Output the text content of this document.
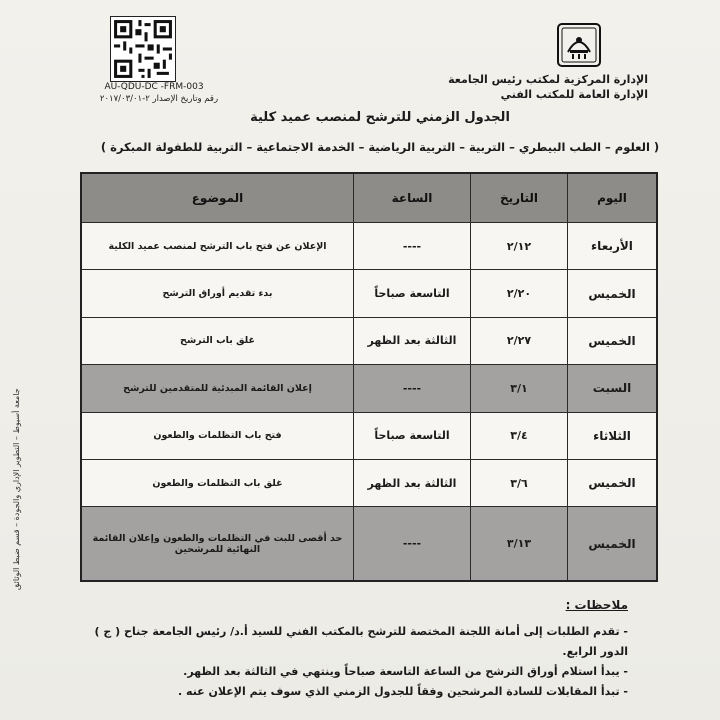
AU-QDU-DC -FRM-003
رقم وتاريخ الإصدار ٢-٢٠١٧/٠٣/٠١
الإدارة المركزية لمكتب رئيس الجامعة
الإدارة العامة للمكتب الفني
الجدول الزمني للترشح لمنصب عميد كلية
( العلوم – الطب البيطري – التربية – التربية الرياضية – الخدمة الاجتماعية – التربية للطفولة المبكرة )
اليوم	التاريخ	الساعة	الموضوع
الأربعاء	٢/١٢	----	الإعلان عن فتح باب الترشح لمنصب عميد الكلية
الخميس	٢/٢٠	التاسعة صباحاً	بدء تقديم أوراق الترشح
الخميس	٢/٢٧	الثالثة بعد الظهر	غلق باب الترشح
السبت	٣/١	----	إعلان القائمة المبدئية للمتقدمين للترشح
الثلاثاء	٣/٤	التاسعة صباحاً	فتح باب التظلمات والطعون
الخميس	٣/٦	الثالثة بعد الظهر	غلق باب التظلمات والطعون
الخميس	٣/١٣	----	حد أقصى للبت في التظلمات والطعون وإعلان القائمة النهائية للمرشحين
ملاحظات :
- تقدم الطلبات إلى أمانة اللجنة المختصة للترشح بالمكتب الفني للسيد أ.د/ رئيس الجامعة جناح ( ج ) الدور الرابع.
- يبدأ استلام أوراق الترشح من الساعة التاسعة صباحاً وينتهي في الثالثة بعد الظهر.
- تبدأ المقابلات للسادة المرشحين وفقاً للجدول الزمني الذي سوف يتم الإعلان عنه .
جامعة أسيوط – التطوير الإداري والجودة – قسم ضبط الوثائق
